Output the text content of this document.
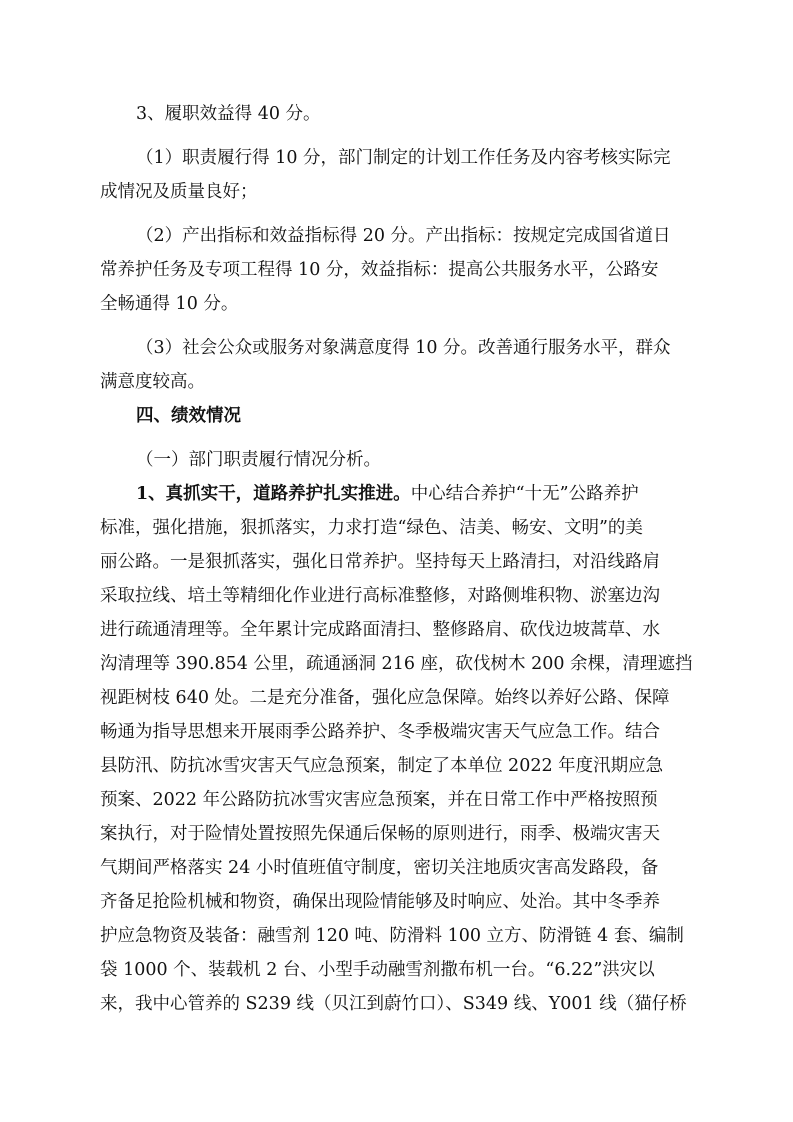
3、履职效益得 40 分。
（1）职责履行得 10 分，部门制定的计划工作任务及内容考核实际完
成情况及质量良好；
（2）产出指标和效益指标得 20 分。产出指标：按规定完成国省道日
常养护任务及专项工程得 10 分，效益指标：提高公共服务水平，公路安
全畅通得 10 分。
（3）社会公众或服务对象满意度得 10 分。改善通行服务水平，群众
满意度较高。
四、绩效情况
（一）部门职责履行情况分析。
1、真抓实干，道路养护扎实推进。中心结合养护“十无”公路养护
标准，强化措施，狠抓落实，力求打造“绿色、洁美、畅安、文明”的美
丽公路。一是狠抓落实，强化日常养护。坚持每天上路清扫，对沿线路肩
采取拉线、培土等精细化作业进行高标准整修，对路侧堆积物、淤塞边沟
进行疏通清理等。全年累计完成路面清扫、整修路肩、砍伐边坡蒿草、水
沟清理等 390.854 公里，疏通涵洞 216 座，砍伐树木 200 余棵，清理遮挡
视距树枝 640 处。二是充分准备，强化应急保障。始终以养好公路、保障
畅通为指导思想来开展雨季公路养护、冬季极端灾害天气应急工作。结合
县防汛、防抗冰雪灾害天气应急预案，制定了本单位 2022 年度汛期应急
预案、2022 年公路防抗冰雪灾害应急预案，并在日常工作中严格按照预
案执行，对于险情处置按照先保通后保畅的原则进行，雨季、极端灾害天
气期间严格落实 24 小时值班值守制度，密切关注地质灾害高发路段，备
齐备足抢险机械和物资，确保出现险情能够及时响应、处治。其中冬季养
护应急物资及装备：融雪剂 120 吨、防滑料 100 立方、防滑链 4 套、编制
袋 1000 个、装载机 2 台、小型手动融雪剂撒布机一台。“6.22”洪灾以
来，我中心管养的 S239 线（贝江到蔚竹口）、S349 线、Y001 线（猫仔桥
